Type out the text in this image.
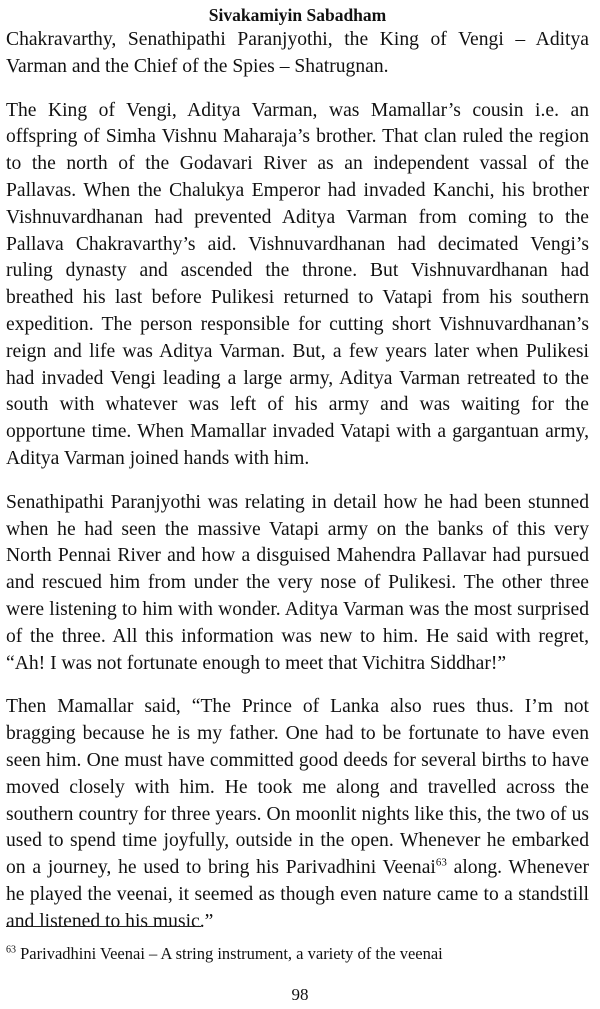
Sivakamiyin Sabadham

Chakravarthy, Senathipathi Paranjyothi, the King of Vengi – Aditya Varman and the Chief of the Spies – Shatrugnan.

The King of Vengi, Aditya Varman, was Mamallar’s cousin i.e. an offspring of Simha Vishnu Maharaja’s brother. That clan ruled the region to the north of the Godavari River as an independent vassal of the Pallavas. When the Chalukya Emperor had invaded Kanchi, his brother Vishnuvardhanan had prevented Aditya Varman from coming to the Pallava Chakravarthy’s aid. Vishnuvardhanan had decimated Vengi’s ruling dynasty and ascended the throne. But Vishnuvardhanan had breathed his last before Pulikesi returned to Vatapi from his southern expedition. The person responsible for cutting short Vishnuvardhanan’s reign and life was Aditya Varman. But, a few years later when Pulikesi had invaded Vengi leading a large army, Aditya Varman retreated to the south with whatever was left of his army and was waiting for the opportune time. When Mamallar invaded Vatapi with a gargantuan army, Aditya Varman joined hands with him.

Senathipathi Paranjyothi was relating in detail how he had been stunned when he had seen the massive Vatapi army on the banks of this very North Pennai River and how a disguised Mahendra Pallavar had pursued and rescued him from under the very nose of Pulikesi. The other three were listening to him with wonder. Aditya Varman was the most surprised of the three. All this information was new to him. He said with regret, “Ah! I was not fortunate enough to meet that Vichitra Siddhar!”

Then Mamallar said, “The Prince of Lanka also rues thus. I’m not bragging because he is my father. One had to be fortunate to have even seen him. One must have committed good deeds for several births to have moved closely with him. He took me along and travelled across the southern country for three years. On moonlit nights like this, the two of us used to spend time joyfully, outside in the open. Whenever he embarked on a journey, he used to bring his Parivadhini Veenai$^{63}$ along. Whenever he played the veenai, it seemed as though even nature came to a standstill and listened to his music.”

$^{63}$ Parivadhini Veenai – A string instrument, a variety of the veenai

98
